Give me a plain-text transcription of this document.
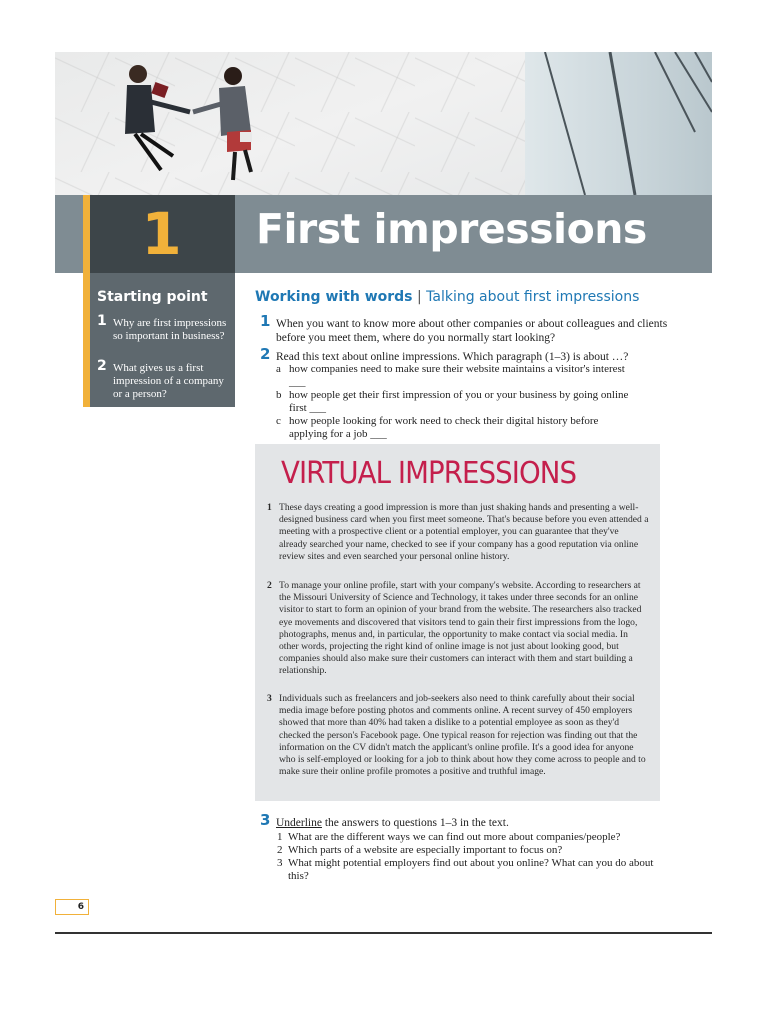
1	First impressions
Starting point
1 Why are first impressions so important in business?
2 What gives us a first impression of a company or a person?
Working with words | Talking about first impressions
1 When you want to know more about other companies or about colleagues and clients before you meet them, where do you normally start looking?
2 Read this text about online impressions. Which paragraph (1–3) is about …?
a how companies need to make sure their website maintains a visitor's interest ___
b how people get their first impression of you or your business by going online first ___
c how people looking for work need to check their digital history before applying for a job ___
VIRTUAL IMPRESSIONS
1 These days creating a good impression is more than just shaking hands and presenting a well-designed business card when you first meet someone. That's because before you even attended a meeting with a prospective client or a potential employer, you can guarantee that they've already searched your name, checked to see if your company has a good reputation via online review sites and even searched your personal online history.
2 To manage your online profile, start with your company's website. According to researchers at the Missouri University of Science and Technology, it takes under three seconds for an online visitor to start to form an opinion of your brand from the website. The researchers also tracked eye movements and discovered that visitors tend to gain their first impressions from the logo, photographs, menus and, in particular, the opportunity to make contact via social media. In other words, projecting the right kind of online image is not just about looking good, but companies should also make sure their customers can interact with them and start building a relationship.
3 Individuals such as freelancers and job-seekers also need to think carefully about their social media image before posting photos and comments online. A recent survey of 450 employers showed that more than 40% had taken a dislike to a potential employee as soon as they'd checked the person's Facebook page. One typical reason for rejection was finding out that the information on the CV didn't match the applicant's online profile. It's a good idea for anyone who is self-employed or looking for a job to think about how they come across to people and to make sure their online profile promotes a positive and truthful image.
3 Underline the answers to questions 1–3 in the text.
1 What are the different ways we can find out more about companies/people?
2 Which parts of a website are especially important to focus on?
3 What might potential employers find out about you online? What can you do about this?
6
